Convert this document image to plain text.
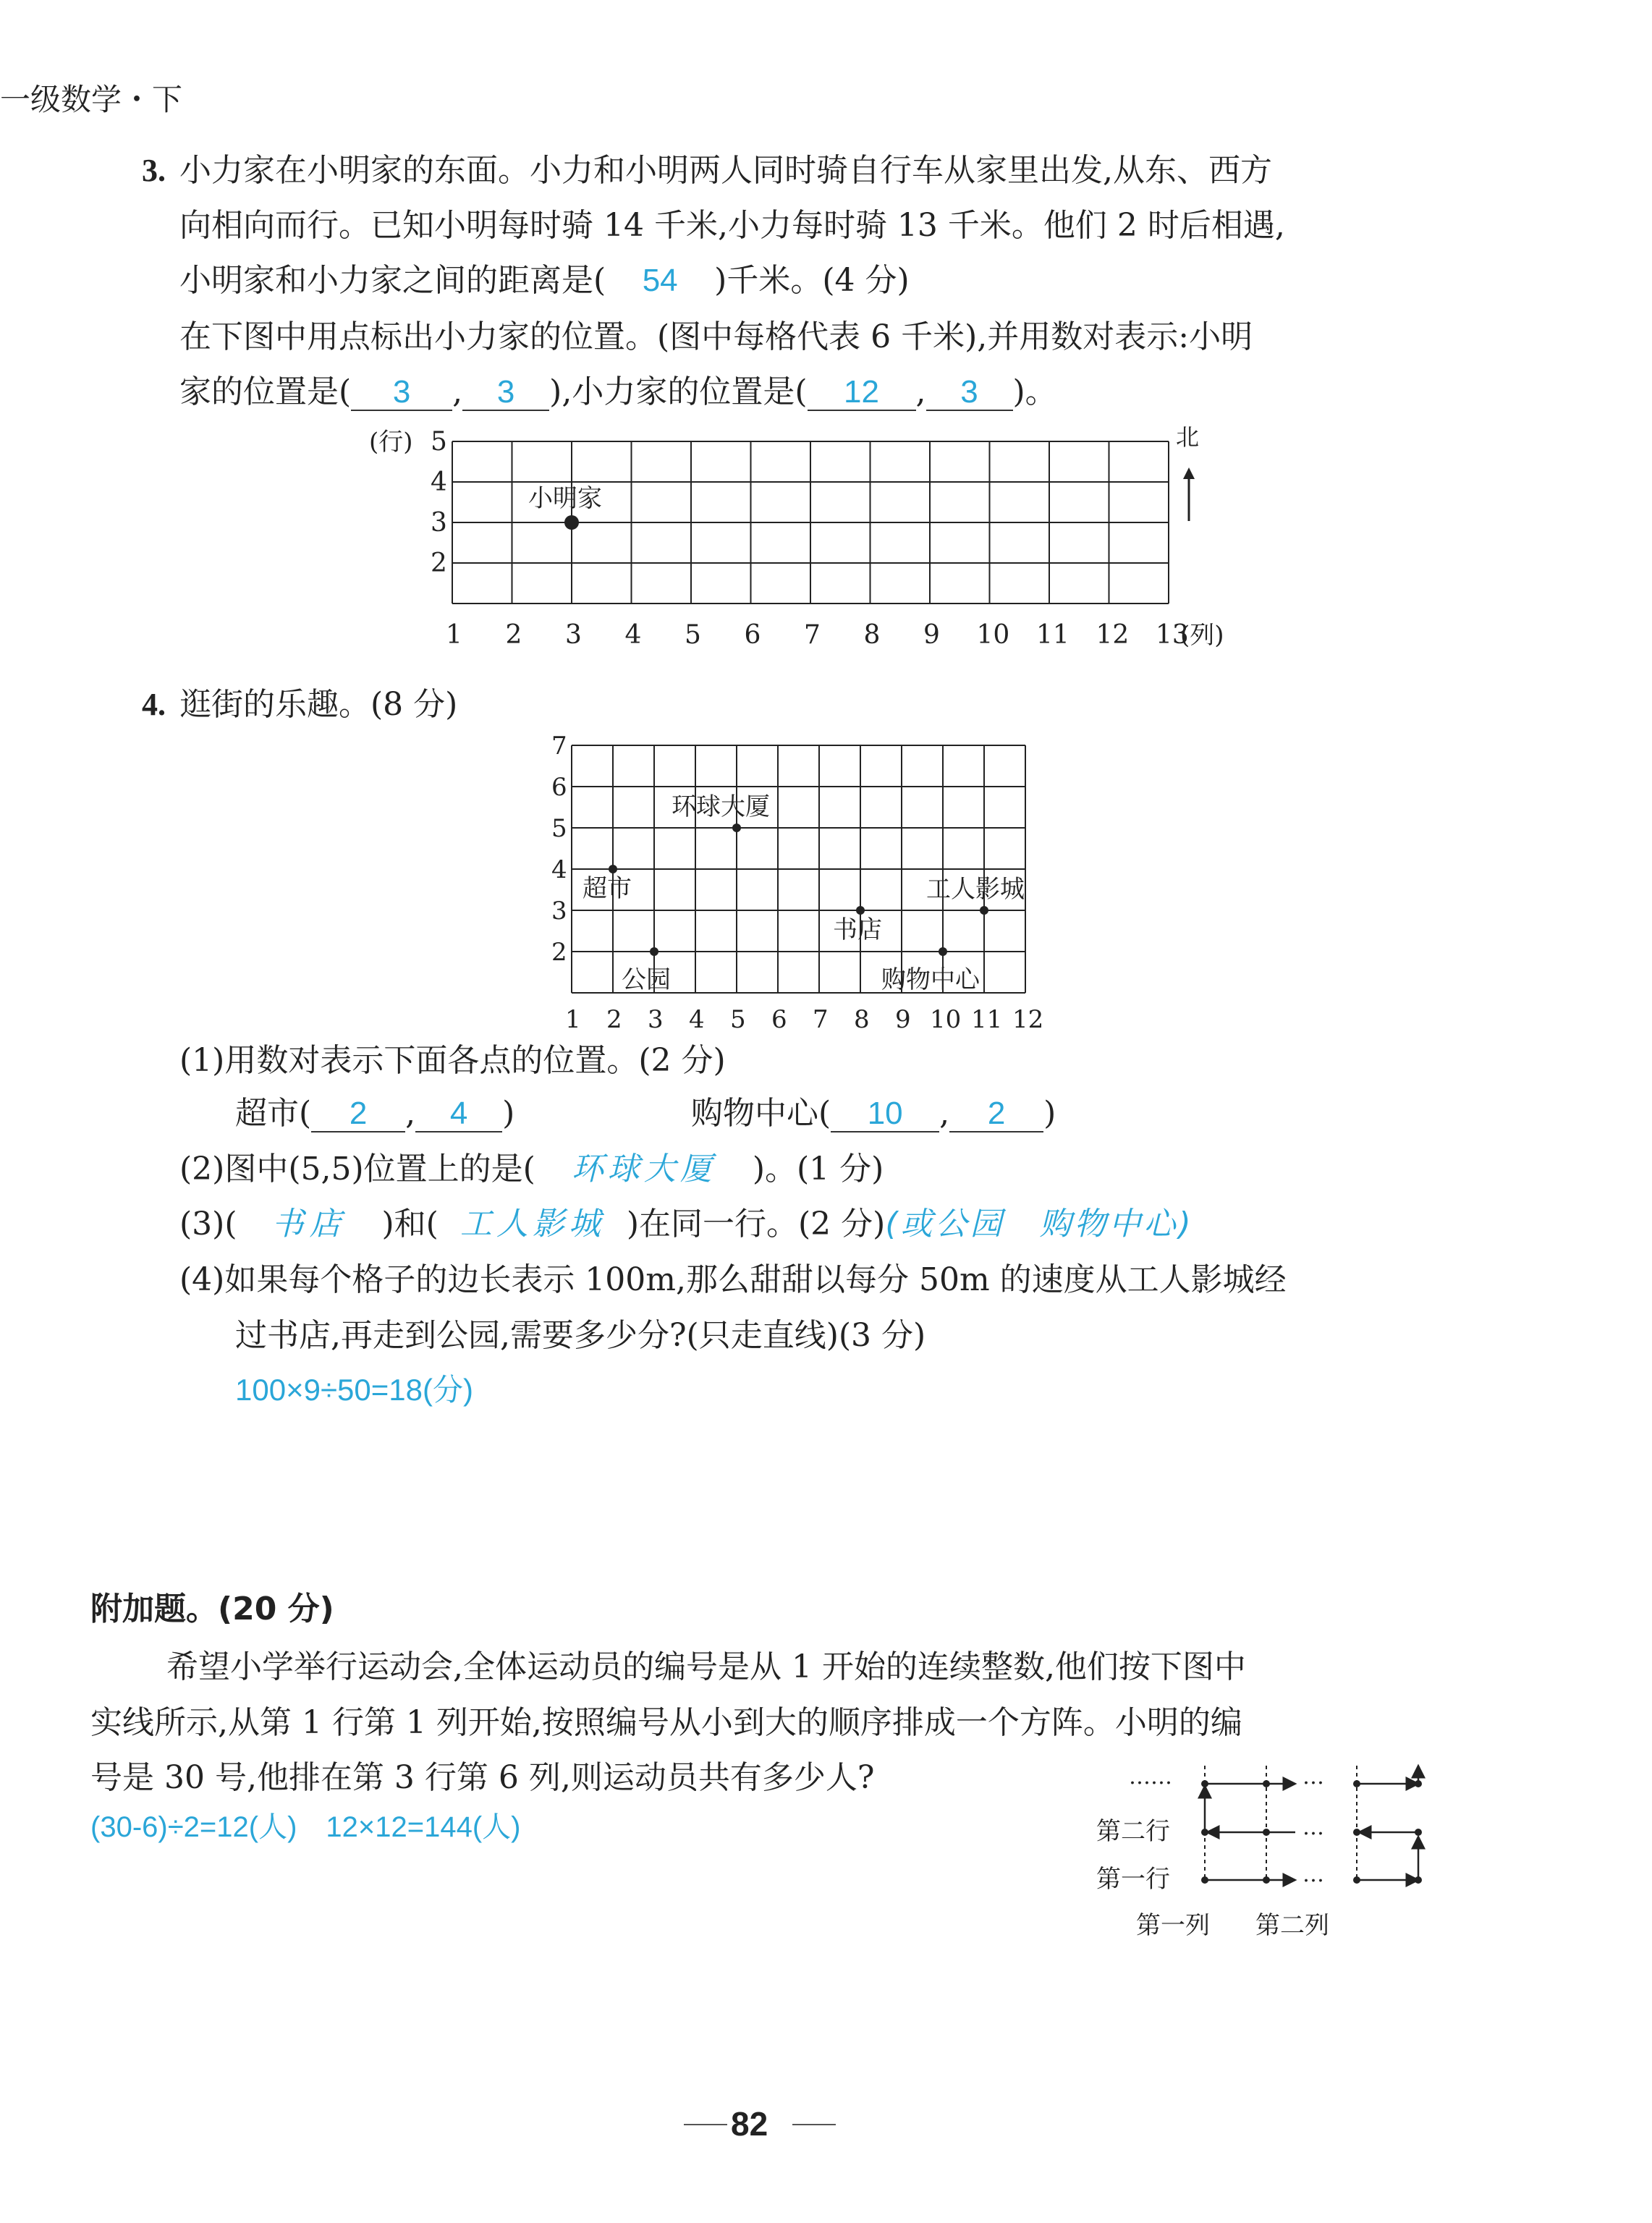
一级数学・下
3. 小力家在小明家的东面。小力和小明两人同时骑自行车从家里出发,从东、西方
向相向而行。已知小明每时骑 14 千米,小力每时骑 13 千米。他们 2 时后相遇,
小明家和小力家之间的距离是( 54 )千米。(4 分)
在下图中用点标出小力家的位置。(图中每格代表 6 千米),并用数对表示:小明
家的位置是( 3 , 3 ),小力家的位置是( 12 , 3 )。
5
4
3
2
(行)
1 2 3 4 5 6 7 8 9 10 11 12 13
(列)
北
小明家
4. 逛街的乐趣。(8 分)
7
6
5
4
3
2
1 2 3 4 5 6 7 8 9 10 11 12
环球大厦
超市	工人影城
书店
公园	购物中心
(1)用数对表示下面各点的位置。(2 分)
超市( 2 , 4 )	购物中心( 10 , 2 )
(2)图中(5,5)位置上的是( 环球大厦 )。(1 分)
(3)( 书店 )和( 工人影城 )在同一行。(2 分)(或公园　购物中心)
(4)如果每个格子的边长表示 100m,那么甜甜以每分 50m 的速度从工人影城经
过书店,再走到公园,需要多少分?(只走直线)(3 分)
100×9÷50=18(分)
附加题。(20 分)
希望小学举行运动会,全体运动员的编号是从 1 开始的连续整数,他们按下图中
实线所示,从第 1 行第 1 列开始,按照编号从小到大的顺序排成一个方阵。小明的编
号是 30 号,他排在第 3 行第 6 列,则运动员共有多少人?
(30-6)÷2=12(人)　12×12=144(人)
……	…
…
…
第二行
第一行
第一列 第二列
82
